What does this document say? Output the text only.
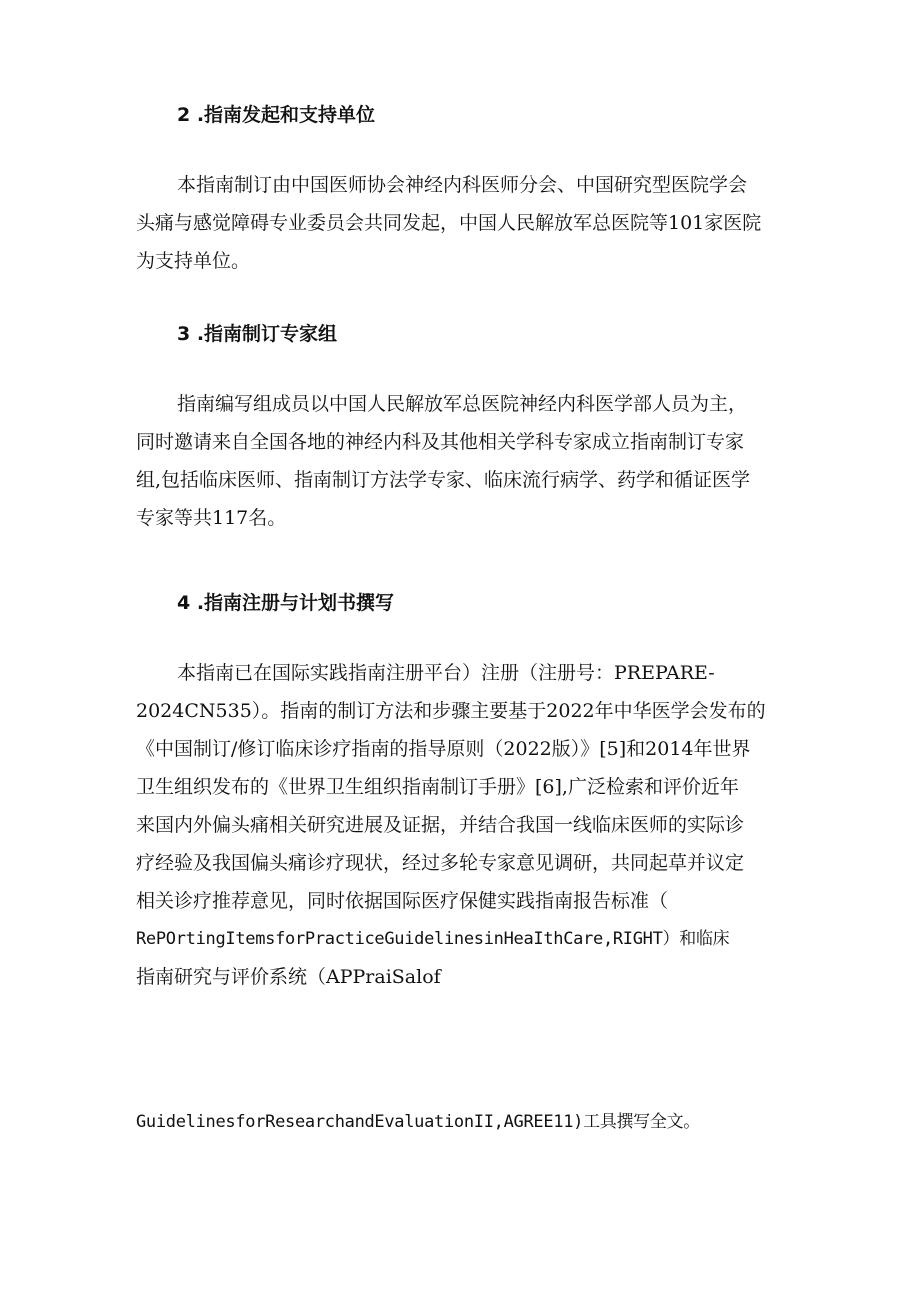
2 .指南发起和支持单位
本指南制订由中国医师协会神经内科医师分会、中国研究型医院学会
头痛与感觉障碍专业委员会共同发起，中国人民解放军总医院等101家医院
为支持单位。
3 .指南制订专家组
指南编写组成员以中国人民解放军总医院神经内科医学部人员为主，
同时邀请来自全国各地的神经内科及其他相关学科专家成立指南制订专家
组,包括临床医师、指南制订方法学专家、临床流行病学、药学和循证医学
专家等共117名。
4 .指南注册与计划书撰写
本指南已在国际实践指南注册平台）注册（注册号：PREPARE-
2024CN535）。指南的制订方法和步骤主要基于2022年中华医学会发布的
《中国制订/修订临床诊疗指南的指导原则（2022版）》[5]和2014年世界
卫生组织发布的《世界卫生组织指南制订手册》[6],广泛检索和评价近年
来国内外偏头痛相关研究进展及证据，并结合我国一线临床医师的实际诊
疗经验及我国偏头痛诊疗现状，经过多轮专家意见调研，共同起草并议定
相关诊疗推荐意见，同时依据国际医疗保健实践指南报告标准（
RePOrtingItemsforPracticeGuidelinesinHeaIthCare,RIGHT）和临床
指南研究与评价系统（APPraiSalof
GuidelinesforResearchandEvaluationII,AGREE11)工具撰写全文。
